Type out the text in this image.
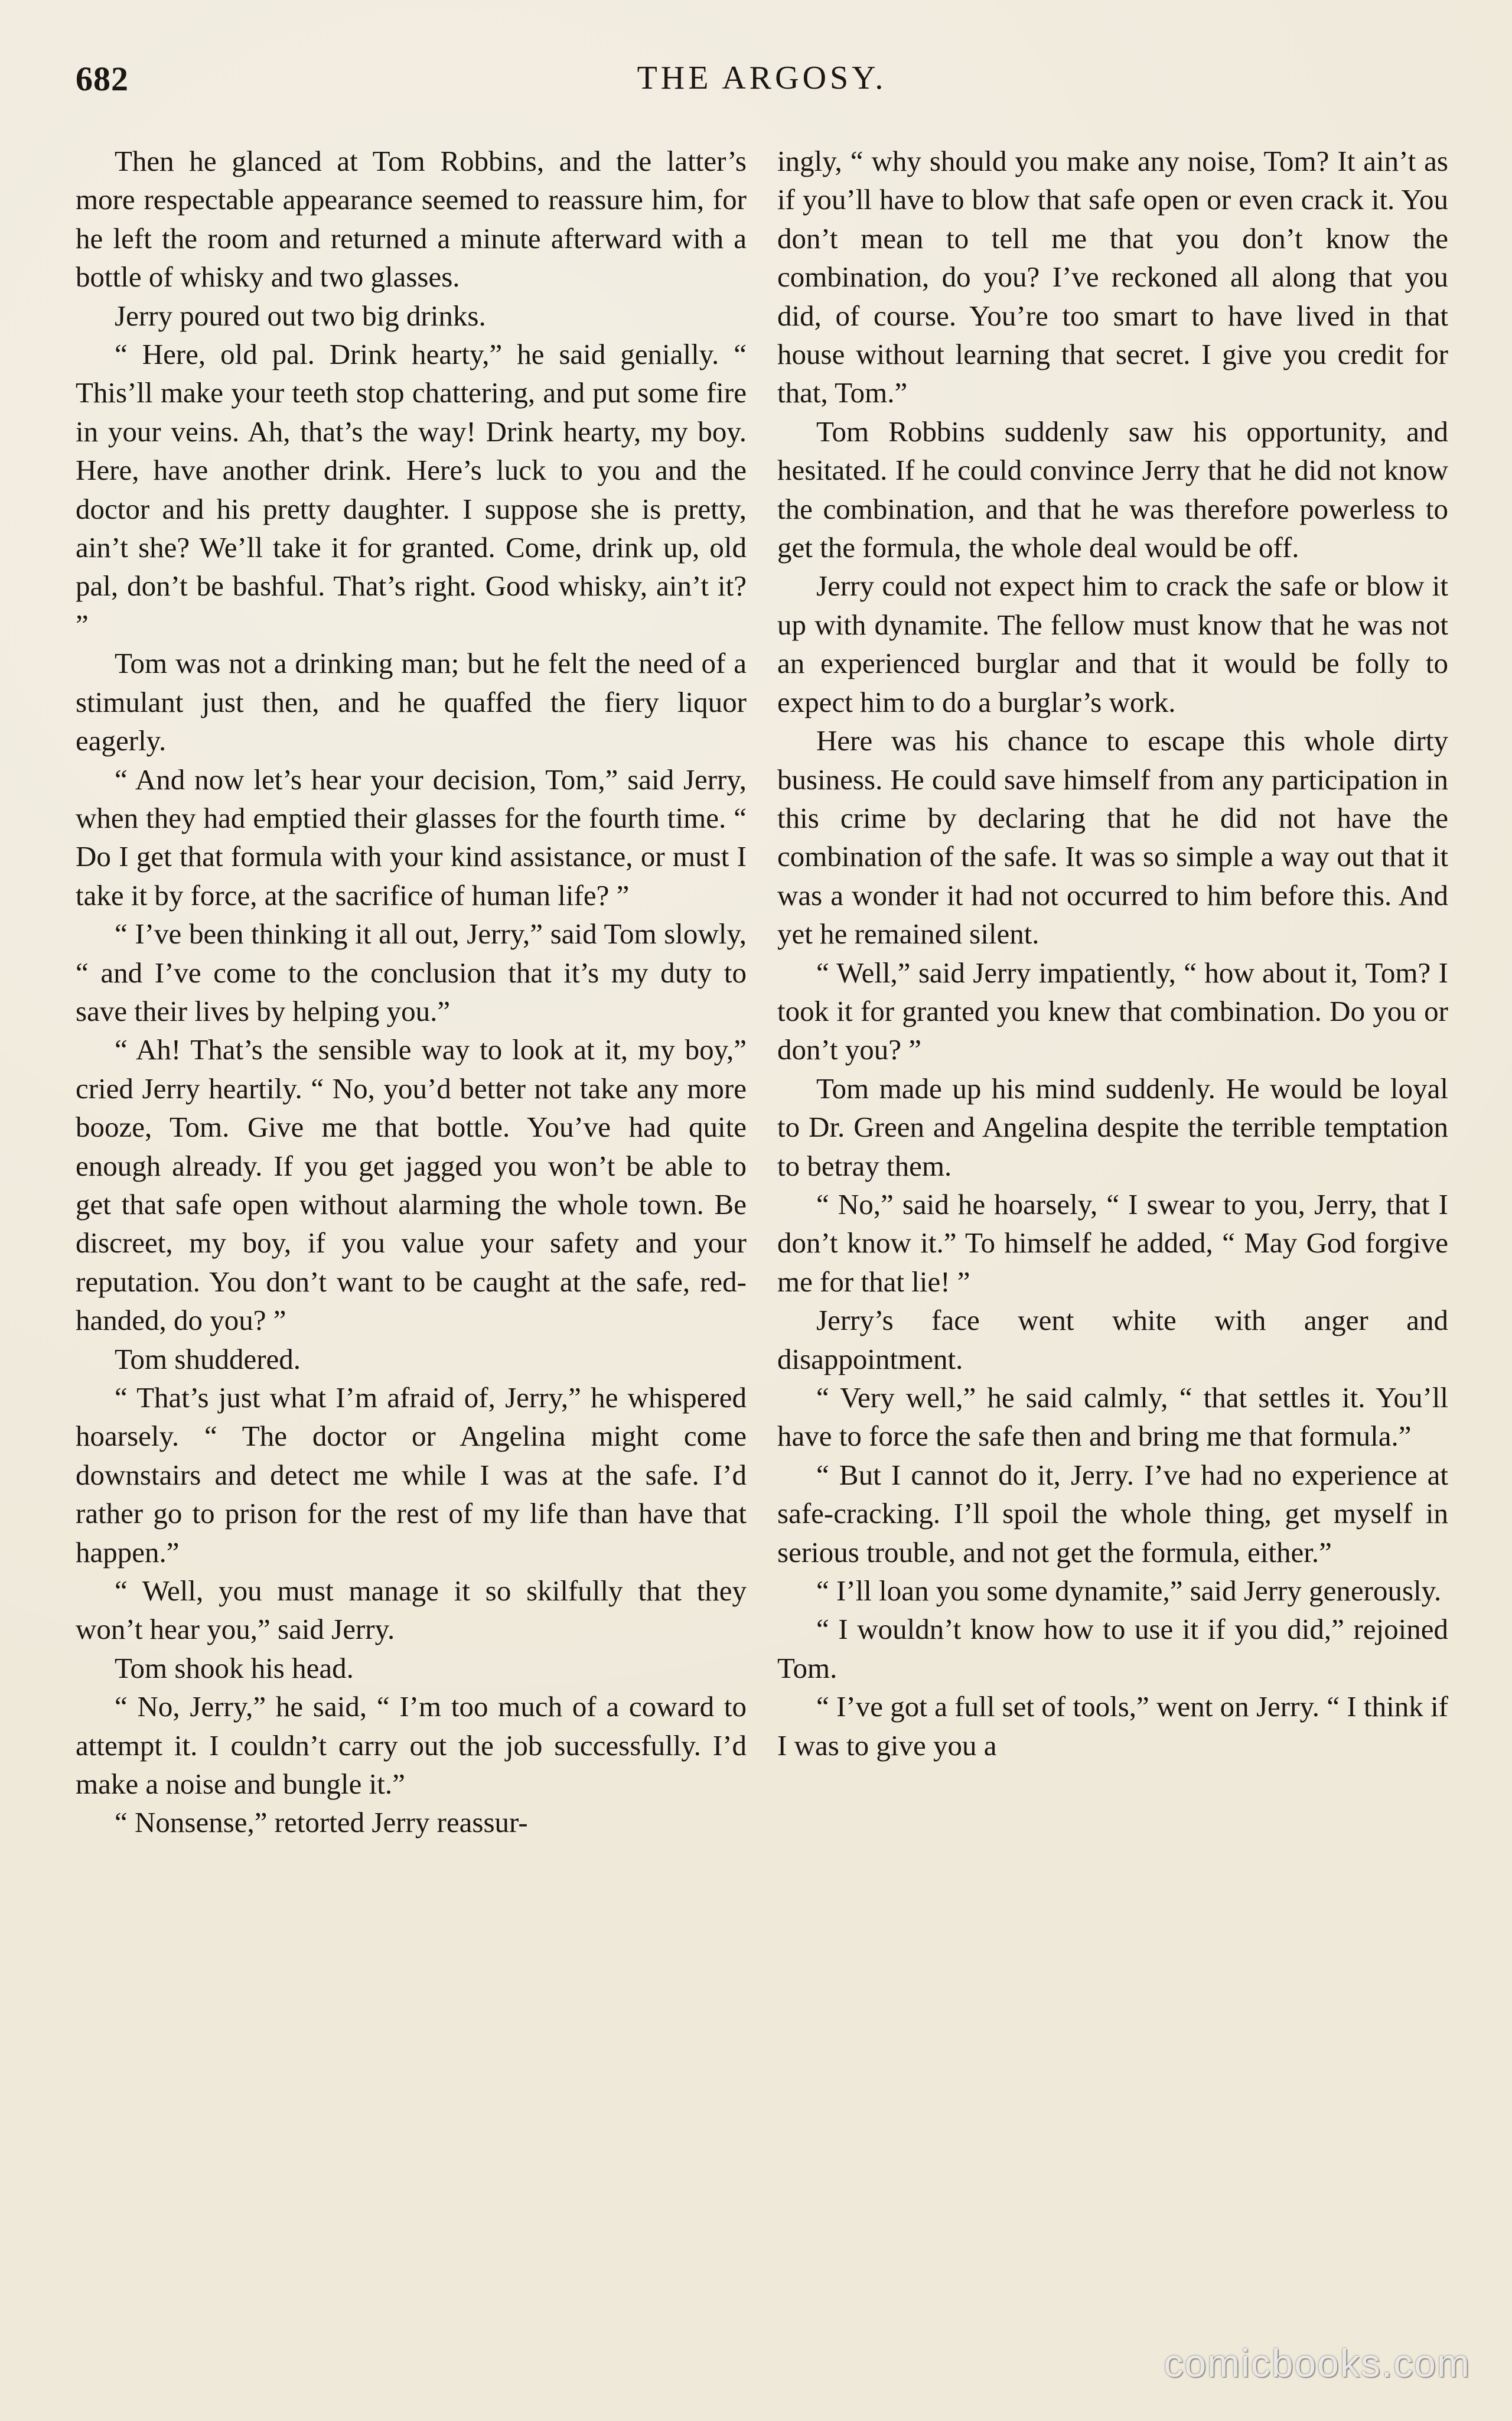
682	THE ARGOSY.

Then he glanced at Tom Robbins, and the latter’s more respectable appearance seemed to reassure him, for he left the room and returned a minute afterward with a bottle of whisky and two glasses.

Jerry poured out two big drinks.

“ Here, old pal. Drink hearty,” he said genially. “ This’ll make your teeth stop chattering, and put some fire in your veins. Ah, that’s the way! Drink hearty, my boy. Here, have another drink. Here’s luck to you and the doctor and his pretty daughter. I suppose she is pretty, ain’t she? We’ll take it for granted. Come, drink up, old pal, don’t be bashful. That’s right. Good whisky, ain’t it? ”

Tom was not a drinking man; but he felt the need of a stimulant just then, and he quaffed the fiery liquor eagerly.

“ And now let’s hear your decision, Tom,” said Jerry, when they had emptied their glasses for the fourth time. “ Do I get that formula with your kind assistance, or must I take it by force, at the sacrifice of human life? ”

“ I’ve been thinking it all out, Jerry,” said Tom slowly, “ and I’ve come to the conclusion that it’s my duty to save their lives by helping you.”

“ Ah! That’s the sensible way to look at it, my boy,” cried Jerry heartily. “ No, you’d better not take any more booze, Tom. Give me that bottle. You’ve had quite enough already. If you get jagged you won’t be able to get that safe open without alarming the whole town. Be discreet, my boy, if you value your safety and your reputation. You don’t want to be caught at the safe, red-handed, do you? ”

Tom shuddered.

“ That’s just what I’m afraid of, Jerry,” he whispered hoarsely. “ The doctor or Angelina might come downstairs and detect me while I was at the safe. I’d rather go to prison for the rest of my life than have that happen.”

“ Well, you must manage it so skilfully that they won’t hear you,” said Jerry.

Tom shook his head.

“ No, Jerry,” he said, “ I’m too much of a coward to attempt it. I couldn’t carry out the job successfully. I’d make a noise and bungle it.”

“ Nonsense,” retorted Jerry reassur-

ingly, “ why should you make any noise, Tom? It ain’t as if you’ll have to blow that safe open or even crack it. You don’t mean to tell me that you don’t know the combination, do you? I’ve reckoned all along that you did, of course. You’re too smart to have lived in that house without learning that secret. I give you credit for that, Tom.”

Tom Robbins suddenly saw his opportunity, and hesitated. If he could convince Jerry that he did not know the combination, and that he was therefore powerless to get the formula, the whole deal would be off.

Jerry could not expect him to crack the safe or blow it up with dynamite. The fellow must know that he was not an experienced burglar and that it would be folly to expect him to do a burglar’s work.

Here was his chance to escape this whole dirty business. He could save himself from any participation in this crime by declaring that he did not have the combination of the safe. It was so simple a way out that it was a wonder it had not occurred to him before this. And yet he remained silent.

“ Well,” said Jerry impatiently, “ how about it, Tom? I took it for granted you knew that combination. Do you or don’t you? ”

Tom made up his mind suddenly. He would be loyal to Dr. Green and Angelina despite the terrible temptation to betray them.

“ No,” said he hoarsely, “ I swear to you, Jerry, that I don’t know it.” To himself he added, “ May God forgive me for that lie! ”

Jerry’s face went white with anger and disappointment.

“ Very well,” he said calmly, “ that settles it. You’ll have to force the safe then and bring me that formula.”

“ But I cannot do it, Jerry. I’ve had no experience at safe-cracking. I’ll spoil the whole thing, get myself in serious trouble, and not get the formula, either.”

“ I’ll loan you some dynamite,” said Jerry generously.

“ I wouldn’t know how to use it if you did,” rejoined Tom.

“ I’ve got a full set of tools,” went on Jerry. “ I think if I was to give you a

comicbooks.com
